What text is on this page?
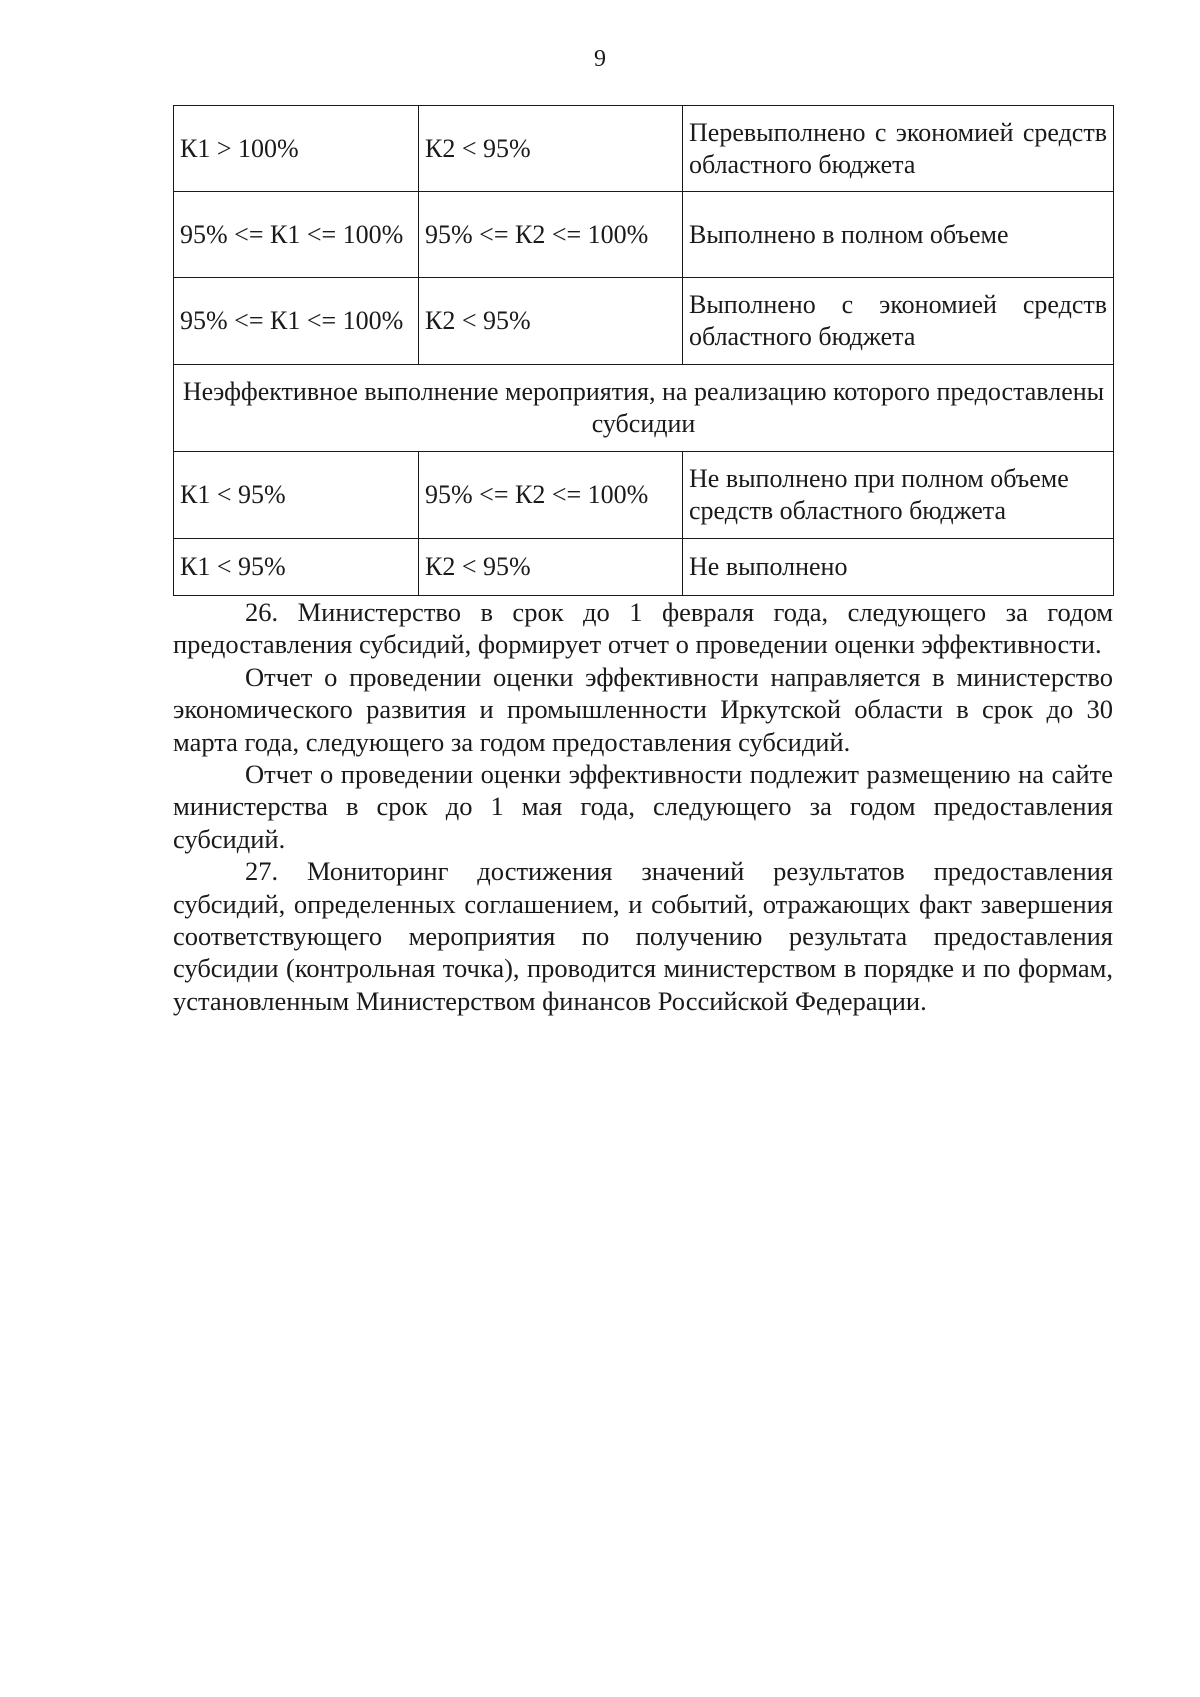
9
К1 > 100%	К2 < 95%	Перевыполнено с экономией средств областного бюджета
95% <= К1 <= 100%	95% <= К2 <= 100%	Выполнено в полном объеме
95% <= К1 <= 100%	К2 < 95%	Выполнено с экономией средств областного бюджета
Неэффективное выполнение мероприятия, на реализацию которого предоставлены субсидии		
К1 < 95%	95% <= К2 <= 100%	Не выполнено при полном объеме средств областного бюджета
К1 < 95%	К2 < 95%	Не выполнено

26. Министерство в срок до 1 февраля года, следующего за годом предоставления субсидий, формирует отчет о проведении оценки эффективности.

Отчет о проведении оценки эффективности направляется в министерство экономического развития и промышленности Иркутской области в срок до 30 марта года, следующего за годом предоставления субсидий.

Отчет о проведении оценки эффективности подлежит размещению на сайте министерства в срок до 1 мая года, следующего за годом предоставления субсидий.

27. Мониторинг достижения значений результатов предоставления субсидий, определенных соглашением, и событий, отражающих факт завершения соответствующего мероприятия по получению результата предоставления субсидии (контрольная точка), проводится министерством в порядке и по формам, установленным Министерством финансов Российской Федерации.
